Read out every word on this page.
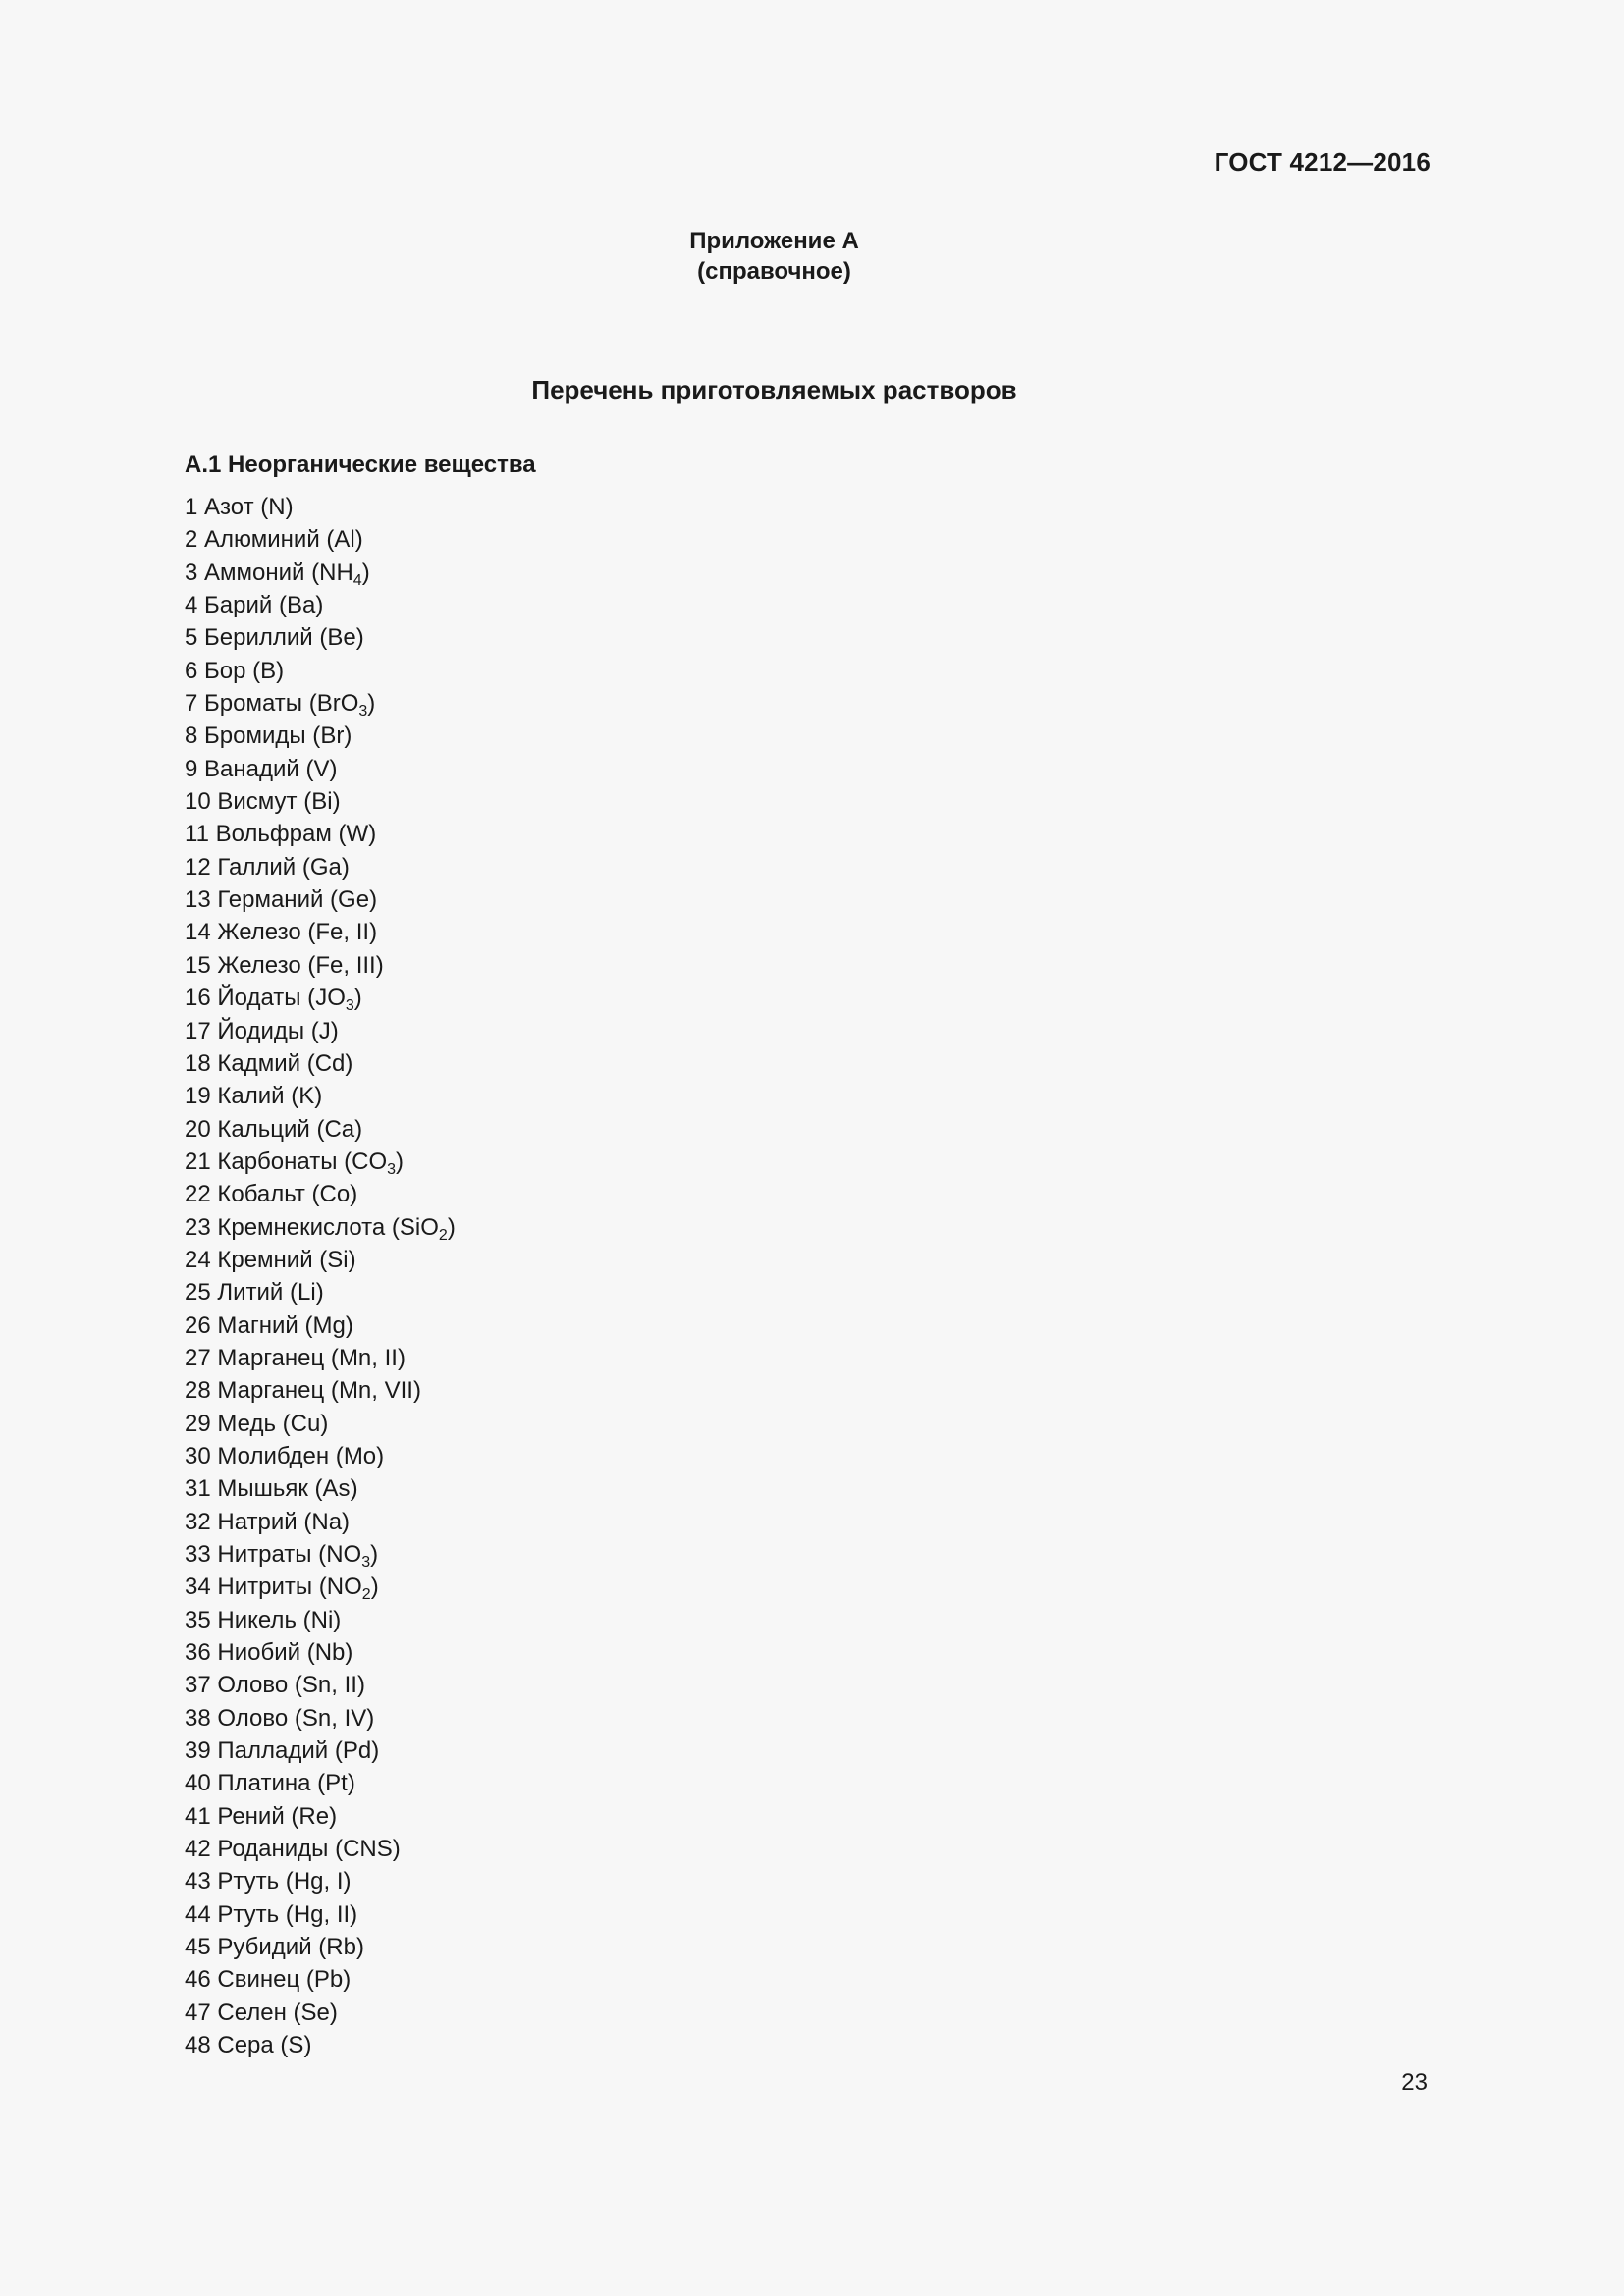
ГОСТ 4212—2016
Приложение А
(справочное)
Перечень приготовляемых растворов
А.1 Неорганические вещества
1 Азот (N)
2 Алюминий (Al)
3 Аммоний $(NH_4)$
4 Барий (Ba)
5 Бериллий (Be)
6 Бор (B)
7 Броматы (BrO$_3$)
8 Бромиды (Br)
9 Ванадий (V)
10 Висмут (Bi)
11 Вольфрам (W)
12 Галлий (Ga)
13 Германий (Ge)
14 Железо (Fe, II)
15 Железо (Fe, III)
16 Йодаты $(JO_3)$
17 Йодиды (J)
18 Кадмий (Cd)
19 Калий (K)
20 Кальций (Ca)
21 Карбонаты $(CO_3)$
22 Кобальт (Co)
23 Кремнекислота (SiO$_2$)
24 Кремний (Si)
25 Литий (Li)
26 Магний (Mg)
27 Марганец (Mn, II)
28 Марганец (Mn, VII)
29 Медь (Cu)
30 Молибден (Mo)
31 Мышьяк (As)
32 Натрий (Na)
33 Нитраты $(NO_3)$
34 Нитриты $(NO_2)$
35 Никель (Ni)
36 Ниобий (Nb)
37 Олово (Sn, II)
38 Олово (Sn, IV)
39 Палладий (Pd)
40 Платина (Pt)
41 Рений (Re)
42 Роданиды (CNS)
43 Ртуть (Hg, I)
44 Ртуть (Hg, II)
45 Рубидий (Rb)
46 Свинец (Pb)
47 Селен (Se)
48 Сера (S)
23
